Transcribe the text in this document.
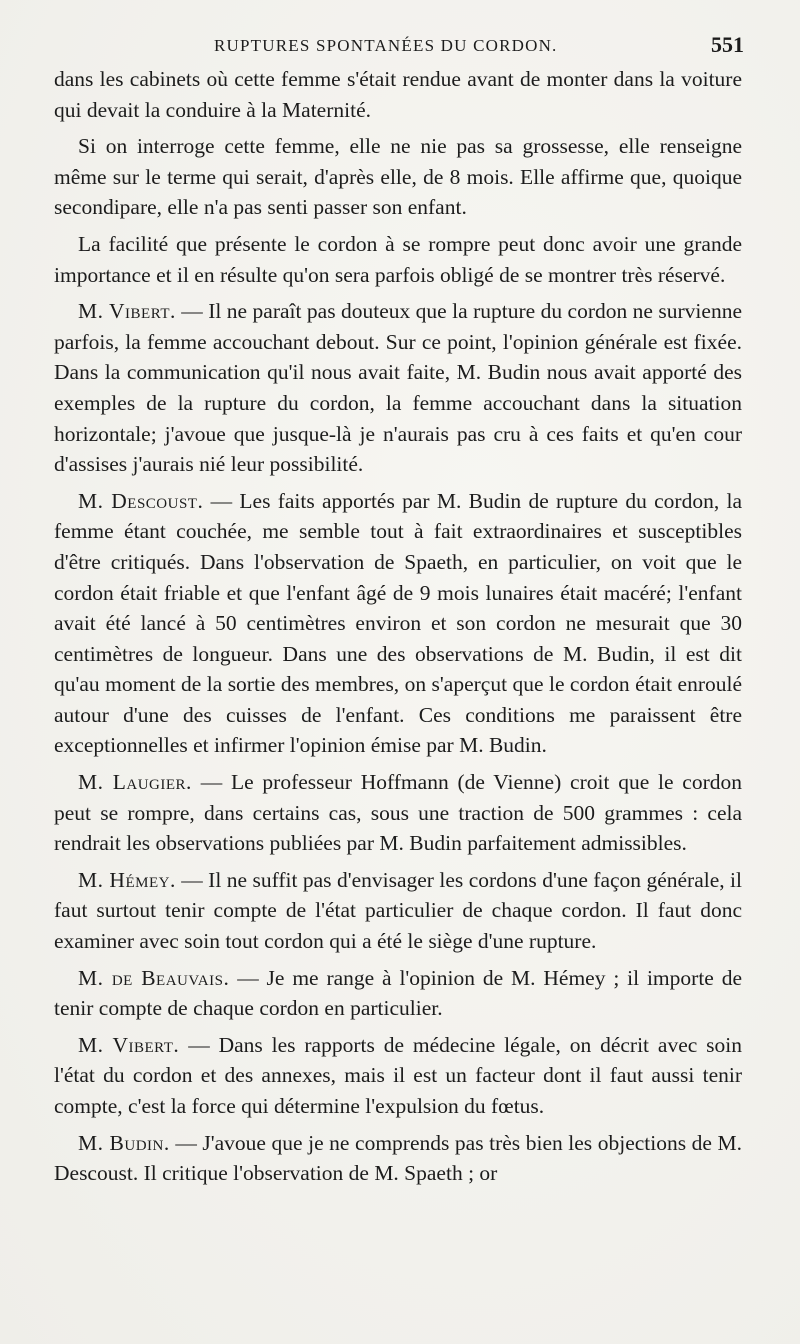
RUPTURES SPONTANÉES DU CORDON.	551

dans les cabinets où cette femme s'était rendue avant de monter dans la voiture qui devait la conduire à la Maternité.

Si on interroge cette femme, elle ne nie pas sa grossesse, elle renseigne même sur le terme qui serait, d'après elle, de 8 mois. Elle affirme que, quoique secondipare, elle n'a pas senti passer son enfant.

La facilité que présente le cordon à se rompre peut donc avoir une grande importance et il en résulte qu'on sera parfois obligé de se montrer très réservé.

M. Vibert. — Il ne paraît pas douteux que la rupture du cordon ne survienne parfois, la femme accouchant debout. Sur ce point, l'opinion générale est fixée. Dans la communication qu'il nous avait faite, M. Budin nous avait apporté des exemples de la rupture du cordon, la femme accouchant dans la situation horizontale; j'avoue que jusque-là je n'aurais pas cru à ces faits et qu'en cour d'assises j'aurais nié leur possibilité.

M. Descoust. — Les faits apportés par M. Budin de rupture du cordon, la femme étant couchée, me semble tout à fait extraordinaires et susceptibles d'être critiqués. Dans l'observation de Spaeth, en particulier, on voit que le cordon était friable et que l'enfant âgé de 9 mois lunaires était macéré; l'enfant avait été lancé à 50 centimètres environ et son cordon ne mesurait que 30 centimètres de longueur. Dans une des observations de M. Budin, il est dit qu'au moment de la sortie des membres, on s'aperçut que le cordon était enroulé autour d'une des cuisses de l'enfant. Ces conditions me paraissent être exceptionnelles et infirmer l'opinion émise par M. Budin.

M. Laugier. — Le professeur Hoffmann (de Vienne) croit que le cordon peut se rompre, dans certains cas, sous une traction de 500 grammes : cela rendrait les observations publiées par M. Budin parfaitement admissibles.

M. Hémey. — Il ne suffit pas d'envisager les cordons d'une façon générale, il faut surtout tenir compte de l'état particulier de chaque cordon. Il faut donc examiner avec soin tout cordon qui a été le siège d'une rupture.

M. de Beauvais. — Je me range à l'opinion de M. Hémey ; il importe de tenir compte de chaque cordon en particulier.

M. Vibert. — Dans les rapports de médecine légale, on décrit avec soin l'état du cordon et des annexes, mais il est un facteur dont il faut aussi tenir compte, c'est la force qui détermine l'expulsion du fœtus.

M. Budin. — J'avoue que je ne comprends pas très bien les objections de M. Descoust. Il critique l'observation de M. Spaeth ; or
